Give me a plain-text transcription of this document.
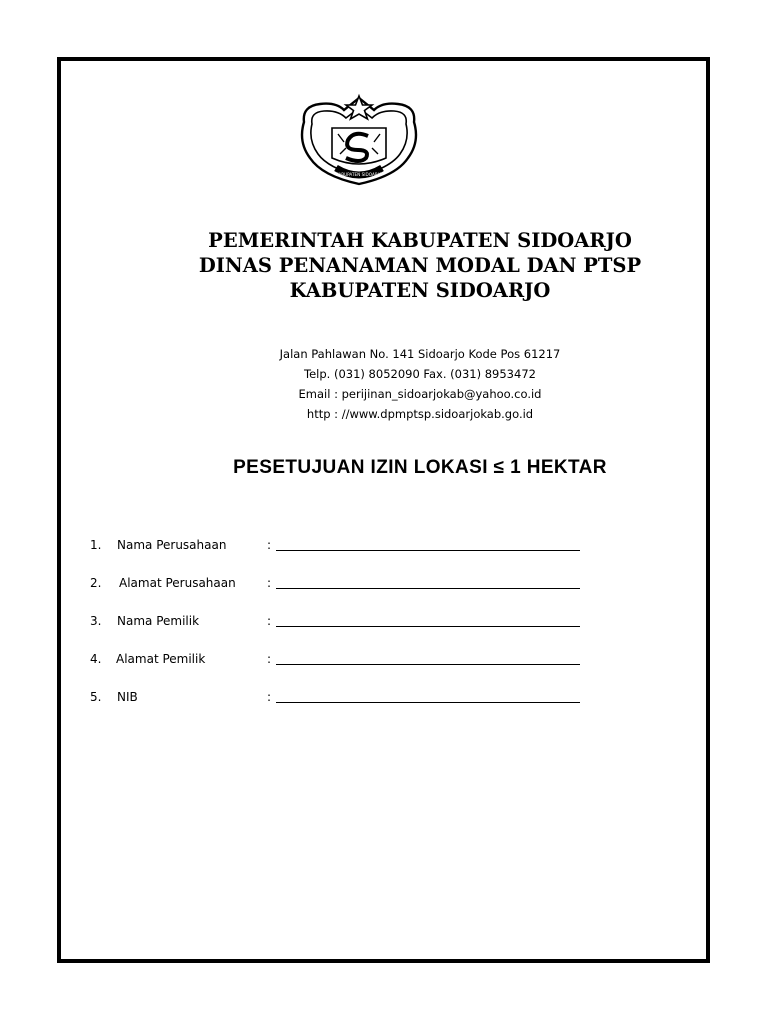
KABUPATEN SIDOARJO
PEMERINTAH KABUPATEN SIDOARJO
DINAS PENANAMAN MODAL DAN PTSP
KABUPATEN SIDOARJO
Jalan Pahlawan No. 141 Sidoarjo Kode Pos 61217
Telp. (031) 8052090 Fax. (031) 8953472
Email : perijinan_sidoarjokab@yahoo.co.id
http : //www.dpmptsp.sidoarjokab.go.id
PESETUJUAN IZIN LOKASI ≤ 1 HEKTAR
1. Nama Perusahaan	:
2. Alamat Perusahaan	:
3. Nama Pemilik	:
4. Alamat Pemilik	:
5. NIB	:
